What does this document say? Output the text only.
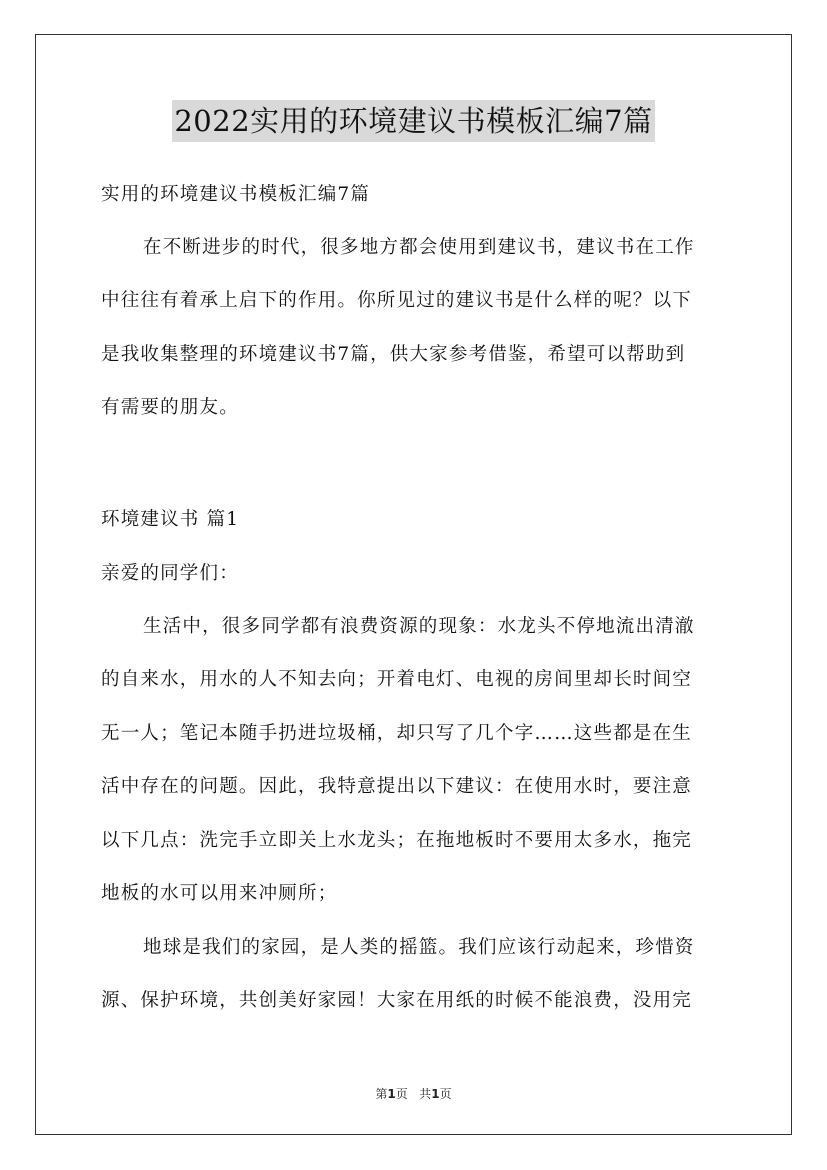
2022实用的环境建议书模板汇编7篇
实用的环境建议书模板汇编7篇
在不断进步的时代，很多地方都会使用到建议书，建议书在工作
中往往有着承上启下的作用。你所见过的建议书是什么样的呢？以下
是我收集整理的环境建议书7篇，供大家参考借鉴，希望可以帮助到
有需要的朋友。
环境建议书 篇1
亲爱的同学们：
生活中，很多同学都有浪费资源的现象：水龙头不停地流出清澈
的自来水，用水的人不知去向；开着电灯、电视的房间里却长时间空
无一人；笔记本随手扔进垃圾桶，却只写了几个字……这些都是在生
活中存在的问题。因此，我特意提出以下建议：在使用水时，要注意
以下几点：洗完手立即关上水龙头；在拖地板时不要用太多水，拖完
地板的水可以用来冲厕所；
地球是我们的家园，是人类的摇篮。我们应该行动起来，珍惜资
源、保护环境，共创美好家园！大家在用纸的时候不能浪费，没用完
第1页 共1页
